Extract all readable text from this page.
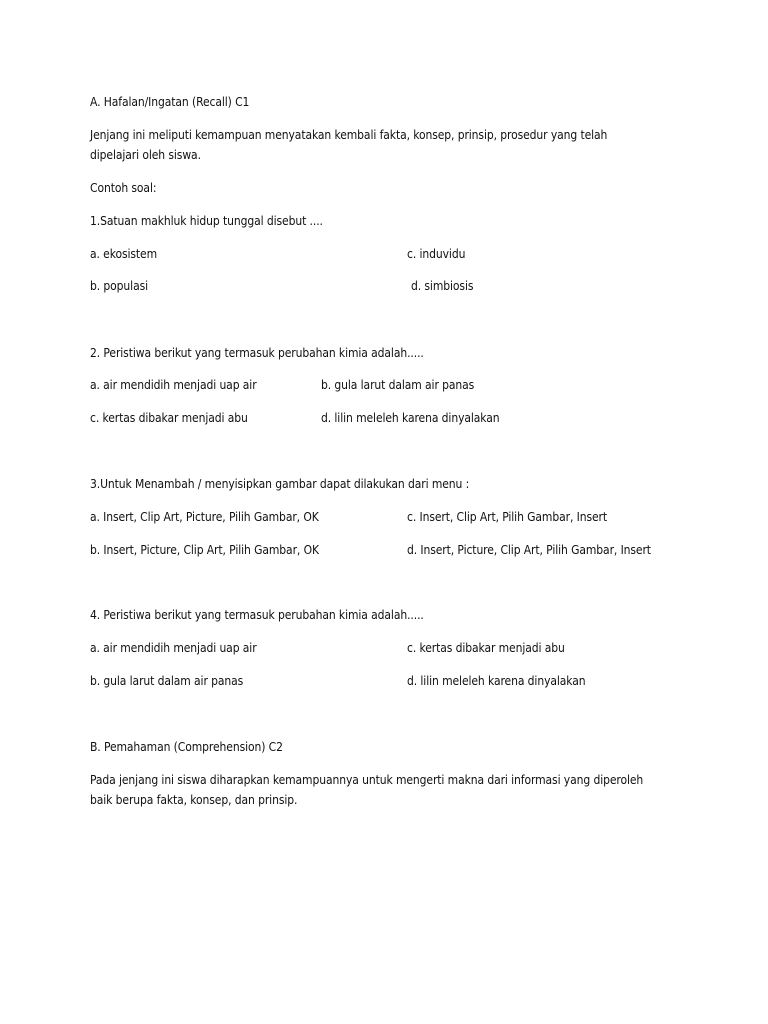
A. Hafalan/Ingatan (Recall) C1
Jenjang ini meliputi kemampuan menyatakan kembali fakta, konsep, prinsip, prosedur yang telah
dipelajari oleh siswa.
Contoh soal:
1.Satuan makhluk hidup tunggal disebut ....
a. ekosistem	c. induvidu
b. populasi	d. simbiosis
2. Peristiwa berikut yang termasuk perubahan kimia adalah.....
a. air mendidih menjadi uap air	b. gula larut dalam air panas
c. kertas dibakar menjadi abu	d. lilin meleleh karena dinyalakan
3.Untuk Menambah / menyisipkan gambar dapat dilakukan dari menu :
a. Insert, Clip Art, Picture, Pilih Gambar, OK	c. Insert, Clip Art, Pilih Gambar, Insert
b. Insert, Picture, Clip Art, Pilih Gambar, OK	d. Insert, Picture, Clip Art, Pilih Gambar, Insert
4. Peristiwa berikut yang termasuk perubahan kimia adalah.....
a. air mendidih menjadi uap air	c. kertas dibakar menjadi abu
b. gula larut dalam air panas	d. lilin meleleh karena dinyalakan
B. Pemahaman (Comprehension) C2
Pada jenjang ini siswa diharapkan kemampuannya untuk mengerti makna dari informasi yang diperoleh
baik berupa fakta, konsep, dan prinsip.
